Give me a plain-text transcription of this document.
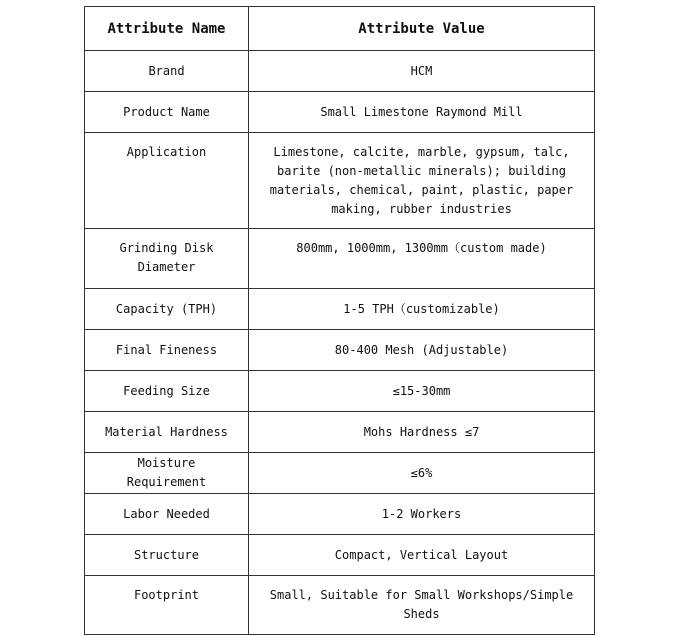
Attribute Name	Attribute Value
Brand	HCM
Product Name	Small Limestone Raymond Mill
Application	Limestone, calcite, marble, gypsum, talc, barite (non-metallic minerals); building materials, chemical, paint, plastic, paper making, rubber industries
Grinding Disk Diameter	800mm, 1000mm, 1300mm（custom made)
Capacity (TPH)	1-5 TPH（customizable)
Final Fineness	80-400 Mesh (Adjustable)
Feeding Size	≤15-30mm
Material Hardness	Mohs Hardness ≤7
Moisture Requirement	≤6%
Labor Needed	1-2 Workers
Structure	Compact, Vertical Layout
Footprint	Small, Suitable for Small Workshops/Simple Sheds
